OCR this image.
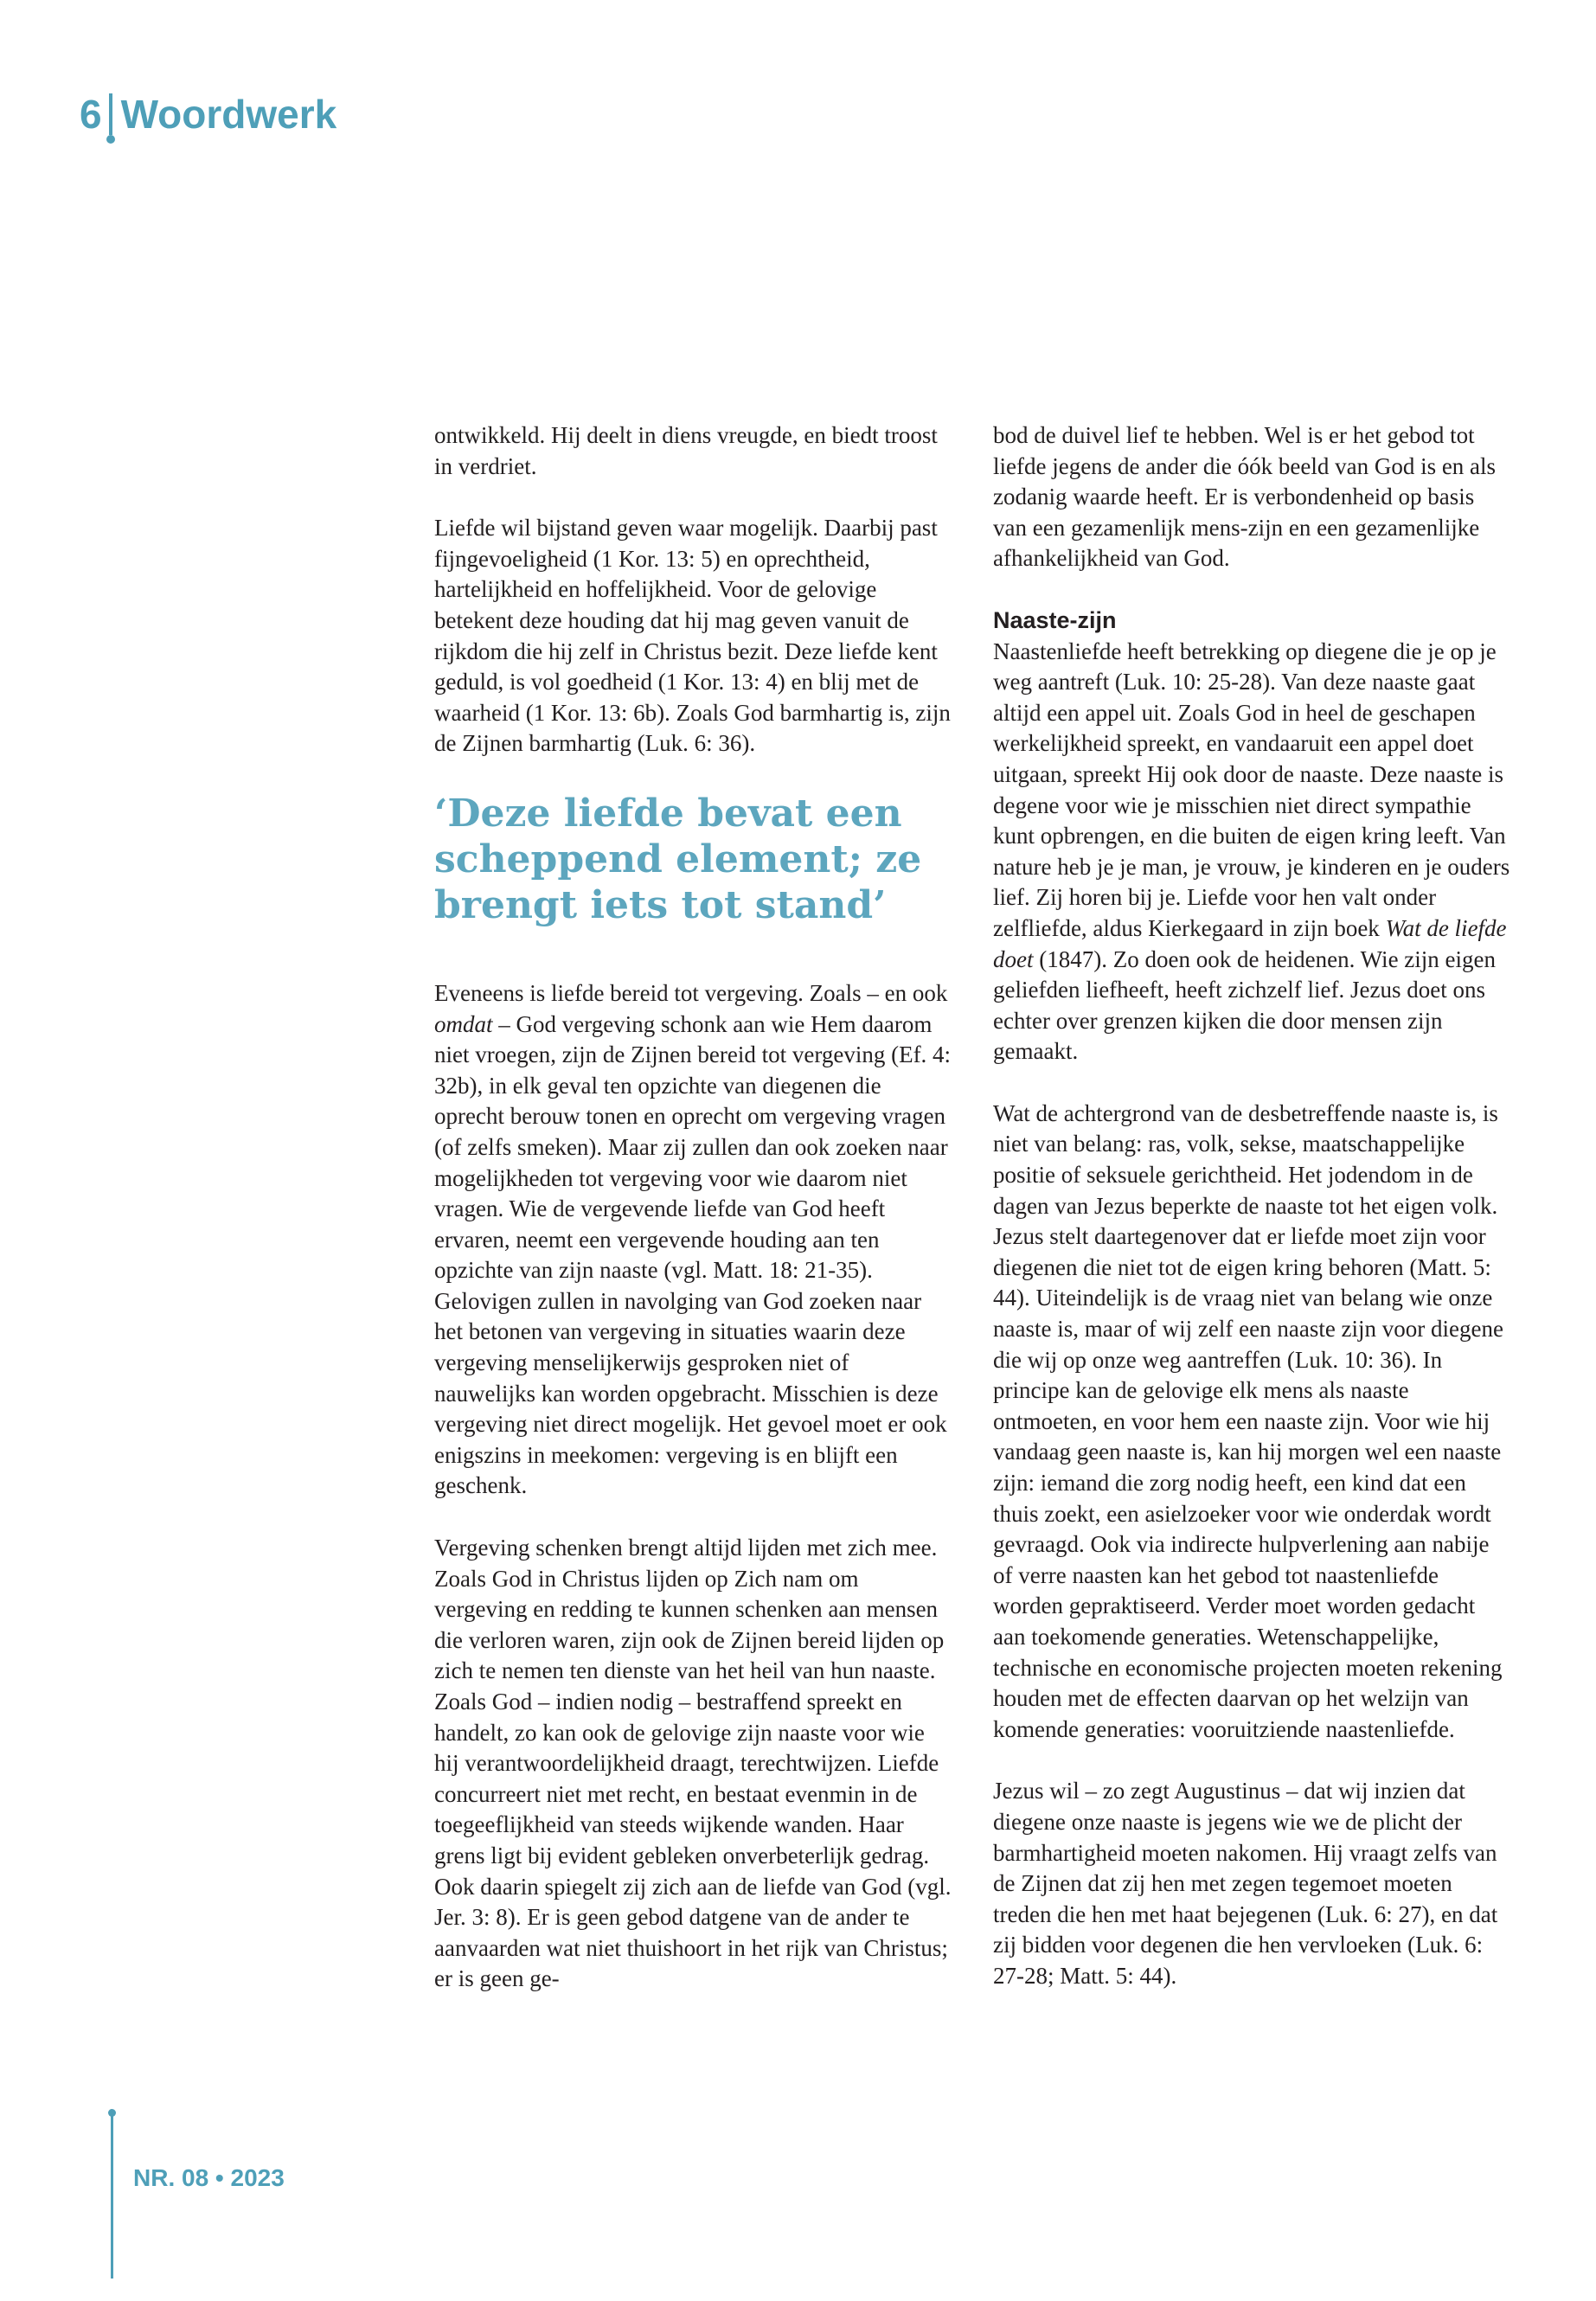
6 Woordwerk

ontwikkeld. Hij deelt in diens vreugde, en biedt troost in verdriet.

Liefde wil bijstand geven waar mogelijk. Daarbij past fijngevoeligheid (1 Kor. 13: 5) en oprechtheid, hartelijkheid en hoffelijkheid. Voor de gelovige betekent deze houding dat hij mag geven vanuit de rijkdom die hij zelf in Christus bezit. Deze liefde kent geduld, is vol goedheid (1 Kor. 13: 4) en blij met de waarheid (1 Kor. 13: 6b). Zoals God barmhartig is, zijn de Zijnen barmhartig (Luk. 6: 36).

‘Deze liefde bevat een scheppend element; ze brengt iets tot stand’

Eveneens is liefde bereid tot vergeving. Zoals – en ook omdat – God vergeving schonk aan wie Hem daarom niet vroegen, zijn de Zijnen bereid tot vergeving (Ef. 4: 32b), in elk geval ten opzichte van diegenen die oprecht berouw tonen en oprecht om vergeving vragen (of zelfs smeken). Maar zij zullen dan ook zoeken naar mogelijkheden tot vergeving voor wie daarom niet vragen. Wie de vergevende liefde van God heeft ervaren, neemt een vergevende houding aan ten opzichte van zijn naaste (vgl. Matt. 18: 21-35). Gelovigen zullen in navolging van God zoeken naar het betonen van vergeving in situaties waarin deze vergeving menselijkerwijs gesproken niet of nauwelijks kan worden opgebracht. Misschien is deze vergeving niet direct mogelijk. Het gevoel moet er ook enigszins in meekomen: vergeving is en blijft een geschenk.

Vergeving schenken brengt altijd lijden met zich mee. Zoals God in Christus lijden op Zich nam om vergeving en redding te kunnen schenken aan mensen die verloren waren, zijn ook de Zijnen bereid lijden op zich te nemen ten dienste van het heil van hun naaste. Zoals God – indien nodig – bestraffend spreekt en handelt, zo kan ook de gelovige zijn naaste voor wie hij verantwoordelijkheid draagt, terechtwijzen. Liefde concurreert niet met recht, en bestaat evenmin in de toegeeflijkheid van steeds wijkende wanden. Haar grens ligt bij evident gebleken onverbeterlijk gedrag. Ook daarin spiegelt zij zich aan de liefde van God (vgl. Jer. 3: 8). Er is geen gebod datgene van de ander te aanvaarden wat niet thuishoort in het rijk van Christus; er is geen ge-

bod de duivel lief te hebben. Wel is er het gebod tot liefde jegens de ander die óók beeld van God is en als zodanig waarde heeft. Er is verbondenheid op basis van een gezamenlijk mens-zijn en een gezamenlijke afhankelijkheid van God.

Naaste-zijn

Naastenliefde heeft betrekking op diegene die je op je weg aantreft (Luk. 10: 25-28). Van deze naaste gaat altijd een appel uit. Zoals God in heel de geschapen werkelijkheid spreekt, en vandaaruit een appel doet uitgaan, spreekt Hij ook door de naaste. Deze naaste is degene voor wie je misschien niet direct sympathie kunt opbrengen, en die buiten de eigen kring leeft. Van nature heb je je man, je vrouw, je kinderen en je ouders lief. Zij horen bij je. Liefde voor hen valt onder zelfliefde, aldus Kierkegaard in zijn boek Wat de liefde doet (1847). Zo doen ook de heidenen. Wie zijn eigen geliefden liefheeft, heeft zichzelf lief. Jezus doet ons echter over grenzen kijken die door mensen zijn gemaakt.

Wat de achtergrond van de desbetreffende naaste is, is niet van belang: ras, volk, sekse, maatschappelijke positie of seksuele gerichtheid. Het jodendom in de dagen van Jezus beperkte de naaste tot het eigen volk. Jezus stelt daartegenover dat er liefde moet zijn voor diegenen die niet tot de eigen kring behoren (Matt. 5: 44). Uiteindelijk is de vraag niet van belang wie onze naaste is, maar of wij zelf een naaste zijn voor diegene die wij op onze weg aantreffen (Luk. 10: 36). In principe kan de gelovige elk mens als naaste ontmoeten, en voor hem een naaste zijn. Voor wie hij vandaag geen naaste is, kan hij morgen wel een naaste zijn: iemand die zorg nodig heeft, een kind dat een thuis zoekt, een asielzoeker voor wie onderdak wordt gevraagd. Ook via indirecte hulpverlening aan nabije of verre naasten kan het gebod tot naastenliefde worden gepraktiseerd. Verder moet worden gedacht aan toekomende generaties. Wetenschappelijke, technische en economische projecten moeten rekening houden met de effecten daarvan op het welzijn van komende generaties: vooruitziende naastenliefde.

Jezus wil – zo zegt Augustinus – dat wij inzien dat diegene onze naaste is jegens wie we de plicht der barmhartigheid moeten nakomen. Hij vraagt zelfs van de Zijnen dat zij hen met zegen tegemoet moeten treden die hen met haat bejegenen (Luk. 6: 27), en dat zij bidden voor degenen die hen vervloeken (Luk. 6: 27-28; Matt. 5: 44).

NR. 08 • 2023
